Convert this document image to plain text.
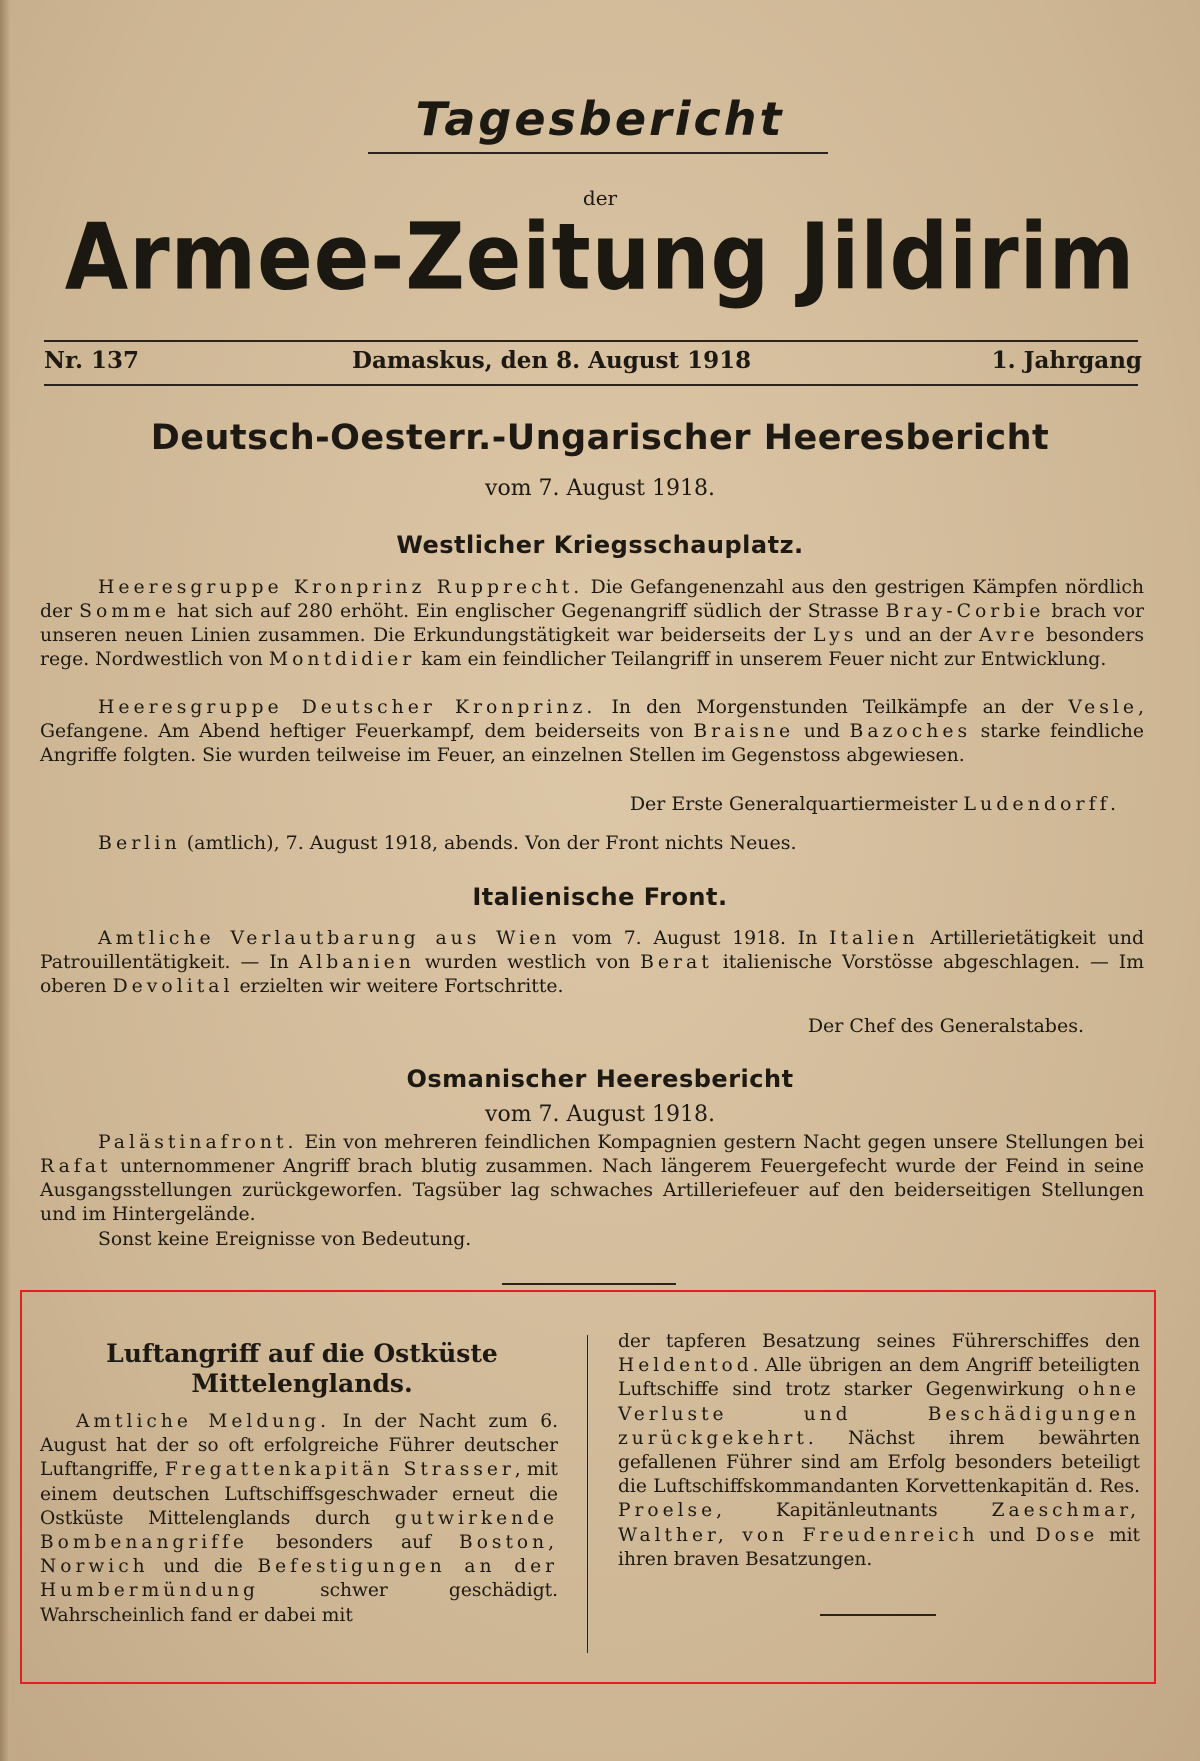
Tagesbericht
der
Armee-Zeitung Jildirim
Nr. 137	Damaskus, den 8. August 1918	1. Jahrgang
Deutsch-Oesterr.-Ungarischer Heeresbericht
vom 7. August 1918.
Westlicher Kriegsschauplatz.

Heeresgruppe Kronprinz Rupprecht. Die Gefangenenzahl aus den gestrigen Kämpfen nördlich der Somme hat sich auf 280 erhöht. Ein englischer Gegenangriff südlich der Strasse Bray-Corbie brach vor unseren neuen Linien zusammen. Die Erkundungstätigkeit war beiderseits der Lys und an der Avre besonders rege. Nordwestlich von Montdidier kam ein feindlicher Teilangriff in unserem Feuer nicht zur Entwicklung.

Heeresgruppe Deutscher Kronprinz. In den Morgenstunden Teilkämpfe an der Vesle, Gefangene. Am Abend heftiger Feuerkampf, dem beiderseits von Braisne und Bazoches starke feindliche Angriffe folgten. Sie wurden teilweise im Feuer, an einzelnen Stellen im Gegenstoss abgewiesen.

Der Erste Generalquartiermeister Ludendorff.
Berlin (amtlich), 7. August 1918, abends. Von der Front nichts Neues.
Italienische Front.

Amtliche Verlautbarung aus Wien vom 7. August 1918. In Italien Artillerietätigkeit und Patrouillentätigkeit. — In Albanien wurden westlich von Berat italienische Vorstösse abgeschlagen. — Im oberen Devolital erzielten wir weitere Fortschritte.

Der Chef des Generalstabes.
Osmanischer Heeresbericht
vom 7. August 1918.

Palästinafront. Ein von mehreren feindlichen Kompagnien gestern Nacht gegen unsere Stellungen bei Rafat unternommener Angriff brach blutig zusammen. Nach längerem Feuergefecht wurde der Feind in seine Ausgangsstellungen zurückgeworfen. Tagsüber lag schwaches Artilleriefeuer auf den beiderseitigen Stellungen und im Hintergelände.

Sonst keine Ereignisse von Bedeutung.

Luftangriff auf die Ostküste Mittelenglands.

Amtliche Meldung. In der Nacht zum 6. August hat der so oft erfolgreiche Führer deutscher Luftangriffe, Fregattenkapitän Strasser, mit einem deutschen Luftschiffsgeschwader erneut die Ostküste Mittelenglands durch gutwirkende Bombenangriffe besonders auf Boston, Norwich und die Befestigungen an der Humbermündung schwer geschädigt. Wahrscheinlich fand er dabei mit

der tapferen Besatzung seines Führerschiffes den Heldentod. Alle übrigen an dem Angriff beteiligten Luftschiffe sind trotz starker Gegenwirkung ohne Verluste und Beschädigungen zurückgekehrt. Nächst ihrem bewährten gefallenen Führer sind am Erfolg besonders beteiligt die Luftschiffskommandanten Korvettenkapitän d. Res. Proelse, Kapitänleutnants Zaeschmar, Walther, von Freudenreich und Dose mit ihren braven Besatzungen.
